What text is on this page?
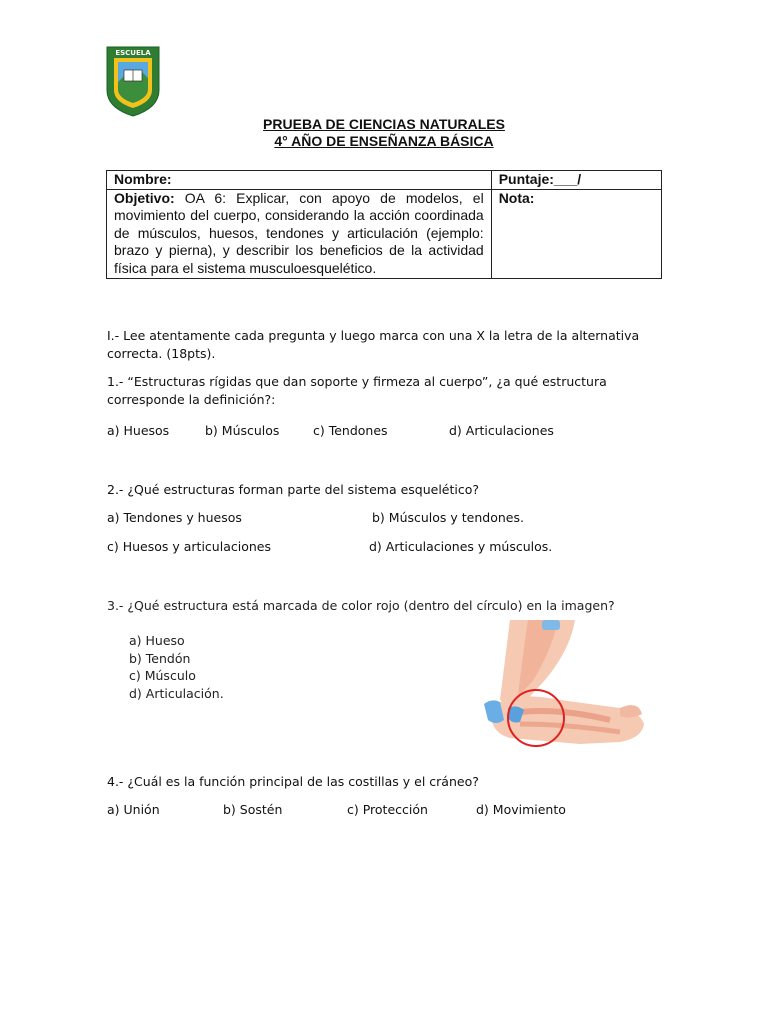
ESCUELA
PRUEBA DE CIENCIAS NATURALES
4° AÑO DE ENSEÑANZA BÁSICA
Nombre:	Puntaje:___/
Objetivo: OA 6: Explicar, con apoyo de modelos, el movimiento del cuerpo, considerando la acción coordinada de músculos, huesos, tendones y articulación (ejemplo: brazo y pierna), y describir los beneficios de la actividad física para el sistema musculoesquelético.	Nota:
I.- Lee atentamente cada pregunta y luego marca con una X la letra de la alternativa correcta. (18pts).
1.- “Estructuras rígidas que dan soporte y firmeza al cuerpo”, ¿a qué estructura corresponde la definición?:
a) Huesos	b) Músculos	c) Tendones	d) Articulaciones
2.- ¿Qué estructuras forman parte del sistema esquelético?
a) Tendones y huesos	b) Músculos y tendones.
c) Huesos y articulaciones	d) Articulaciones y músculos.
3.- ¿Qué estructura está marcada de color rojo (dentro del círculo) en la imagen?
a) Hueso
b) Tendón
c) Músculo
d) Articulación.
4.- ¿Cuál es la función principal de las costillas y el cráneo?
a) Unión	b) Sostén	c) Protección	d) Movimiento
